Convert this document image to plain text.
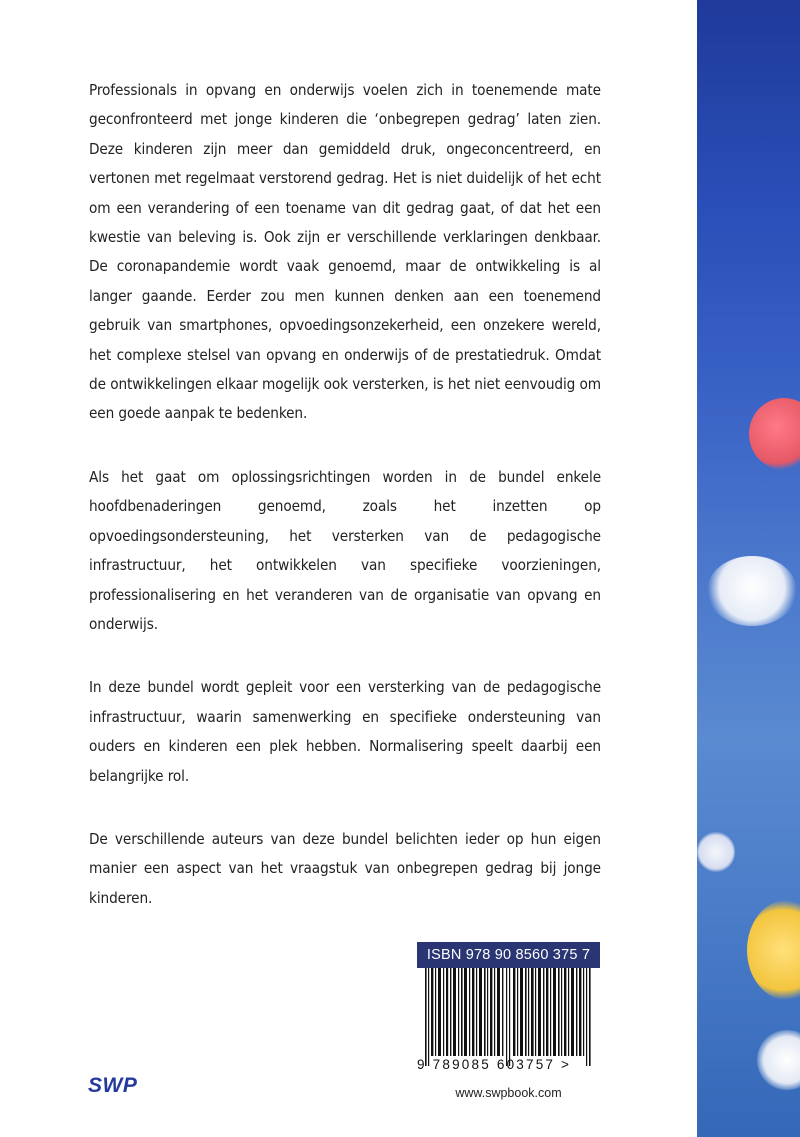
Professionals in opvang en onderwijs voelen zich in toenemende mate geconfronteerd met jonge kinderen die ‘onbegrepen gedrag’ laten zien. Deze kinderen zijn meer dan gemiddeld druk, ongeconcentreerd, en vertonen met regelmaat verstorend gedrag. Het is niet duidelijk of het echt om een verandering of een toename van dit gedrag gaat, of dat het een kwestie van beleving is. Ook zijn er verschillende verklaringen denkbaar. De coronapandemie wordt vaak genoemd, maar de ontwikkeling is al langer gaande. Eerder zou men kunnen denken aan een toenemend gebruik van smartphones, opvoedingsonzekerheid, een onzekere wereld, het complexe stelsel van opvang en onderwijs of de prestatiedruk. Omdat de ontwikkelingen elkaar mogelijk ook versterken, is het niet eenvoudig om een goede aanpak te bedenken.

Als het gaat om oplossingsrichtingen worden in de bundel enkele hoofdbenaderingen genoemd, zoals het inzetten op opvoedingsondersteuning, het versterken van de pedagogische infrastructuur, het ontwikkelen van specifieke voorzieningen, professionalisering en het veranderen van de organisatie van opvang en onderwijs.

In deze bundel wordt gepleit voor een versterking van de pedagogische infrastructuur, waarin samenwerking en specifieke ondersteuning van ouders en kinderen een plek hebben. Normalisering speelt daarbij een belangrijke rol.

De verschillende auteurs van deze bundel belichten ieder op hun eigen manier een aspect van het vraagstuk van onbegrepen gedrag bij jonge kinderen.

ISBN 978 90 8560 375 7
9 789085 603757 >
www.swpbook.com
SWP
